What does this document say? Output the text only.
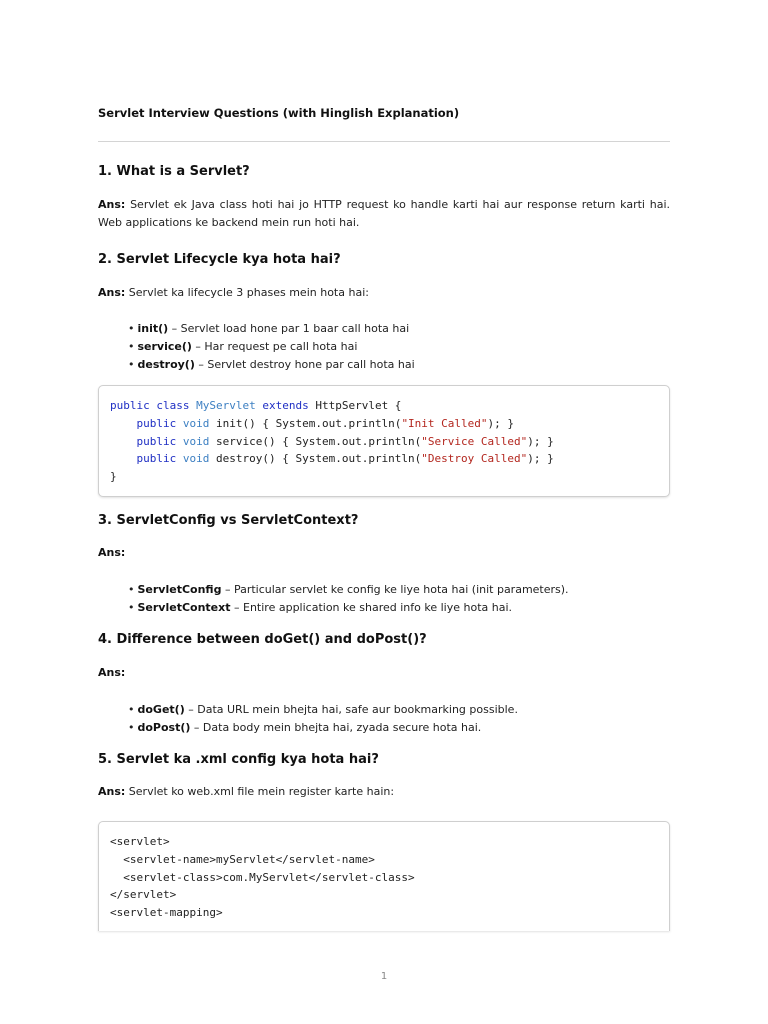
Servlet Interview Questions (with Hinglish Explanation)
1. What is a Servlet?
Ans: Servlet ek Java class hoti hai jo HTTP request ko handle karti hai aur response return karti hai. Web applications ke backend mein run hoti hai.
2. Servlet Lifecycle kya hota hai?
Ans: Servlet ka lifecycle 3 phases mein hota hai:
• init() – Servlet load hone par 1 baar call hota hai
• service() – Har request pe call hota hai
• destroy() – Servlet destroy hone par call hota hai
public class MyServlet extends HttpServlet {
public void init() { System.out.println("Init Called"); }
public void service() { System.out.println("Service Called"); }
public void destroy() { System.out.println("Destroy Called"); }
}
3. ServletConfig vs ServletContext?
Ans:
• ServletConfig – Particular servlet ke config ke liye hota hai (init parameters).
• ServletContext – Entire application ke shared info ke liye hota hai.
4. Difference between doGet() and doPost()?
Ans:
• doGet() – Data URL mein bhejta hai, safe aur bookmarking possible.
• doPost() – Data body mein bhejta hai, zyada secure hota hai.
5. Servlet ka .xml config kya hota hai?
Ans: Servlet ko web.xml file mein register karte hain:
<servlet>
<servlet-name>myServlet</servlet-name>
<servlet-class>com.MyServlet</servlet-class>
</servlet>
<servlet-mapping>
1
